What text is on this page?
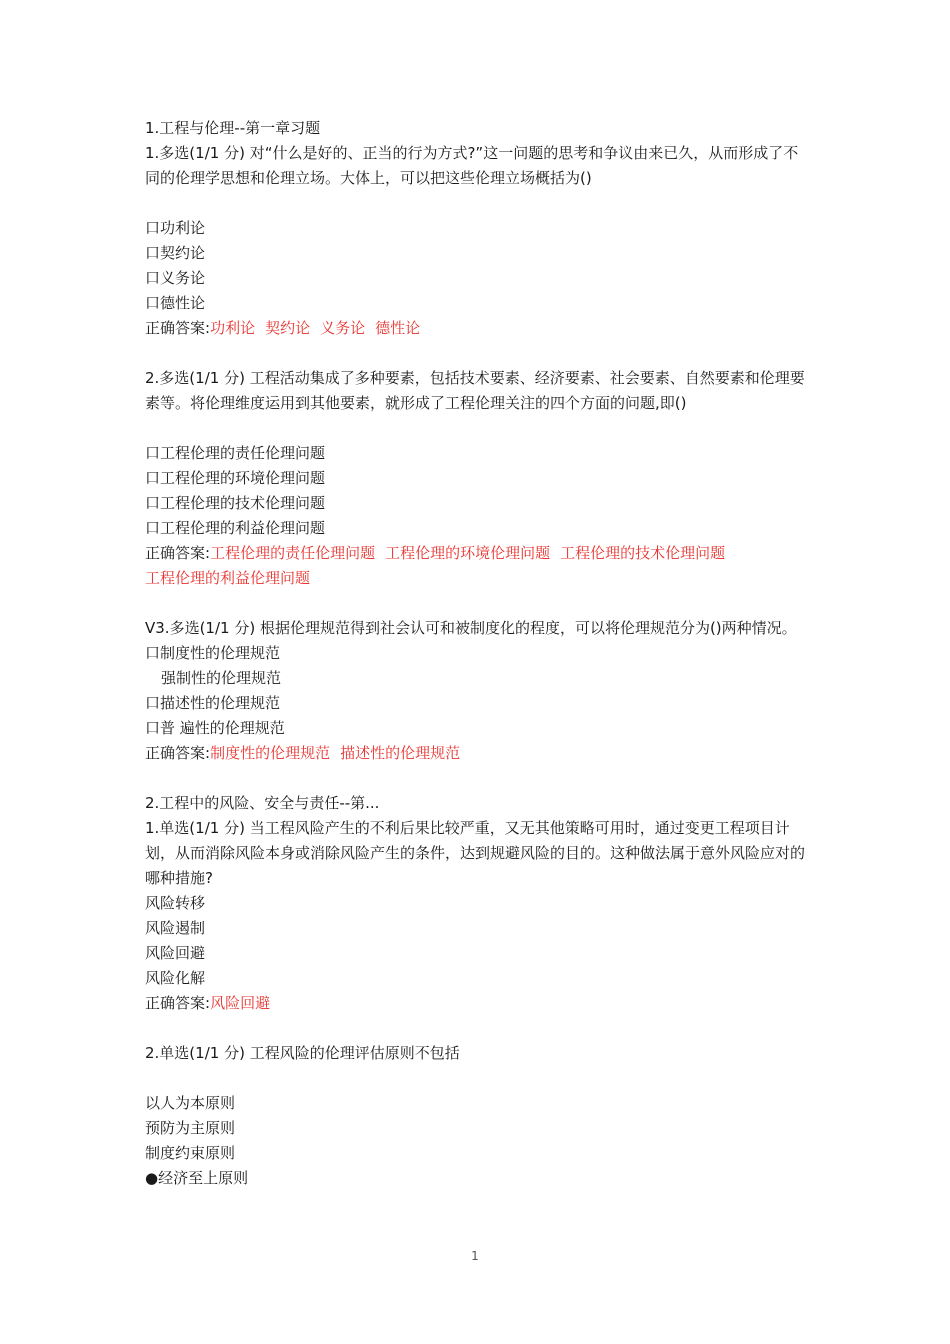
1.工程与伦理--第一章习题
1.多选(1/1 分) 对“什么是好的、正当的行为方式?”这一问题的思考和争议由来已久，从而形成了不同的伦理学思想和伦理立场。大体上，可以把这些伦理立场概括为()
口功利论
口契约论
口义务论
口德性论
正确答案:功利论 契约论 义务论 德性论
2.多选(1/1 分) 工程活动集成了多种要素，包括技术要素、经济要素、社会要素、自然要素和伦理要素等。将伦理维度运用到其他要素，就形成了工程伦理关注的四个方面的问题,即()
口工程伦理的责任伦理问题
口工程伦理的环境伦理问题
口工程伦理的技术伦理问题
口工程伦理的利益伦理问题
正确答案:工程伦理的责任伦理问题 工程伦理的环境伦理问题 工程伦理的技术伦理问题
工程伦理的利益伦理问题
V3.多选(1/1 分) 根据伦理规范得到社会认可和被制度化的程度，可以将伦理规范分为()两种情况。
口制度性的伦理规范
强制性的伦理规范
口描述性的伦理规范
口普 遍性的伦理规范
正确答案:制度性的伦理规范 描述性的伦理规范
2.工程中的风险、安全与责任--第...
1.单选(1/1 分) 当工程风险产生的不利后果比较严重，又无其他策略可用时，通过变更工程项目计划，从而消除风险本身或消除风险产生的条件，达到规避风险的目的。这种做法属于意外风险应对的哪种措施?
风险转移
风险遏制
风险回避
风险化解
正确答案:风险回避
2.单选(1/1 分) 工程风险的伦理评估原则不包括
以人为本原则
预防为主原则
制度约束原则
●经济至上原则
1
